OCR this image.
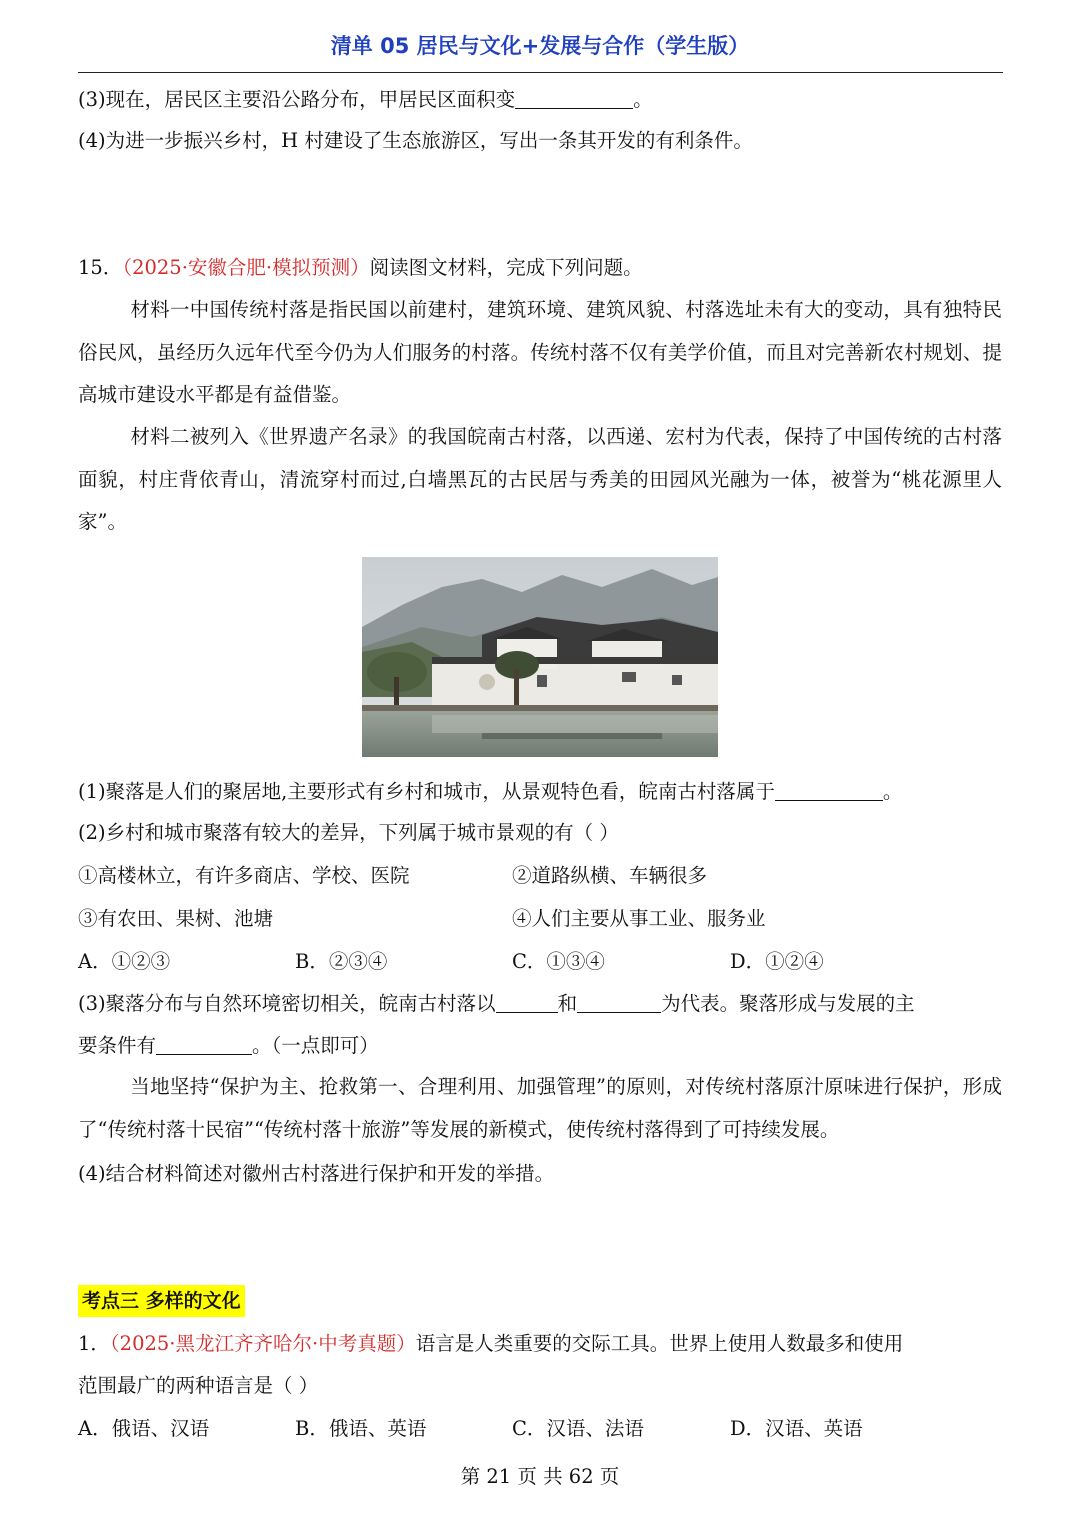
清单 05 居民与文化+发展与合作（学生版）
(3)现在，居民区主要沿公路分布，甲居民区面积变	。
(4)为进一步振兴乡村，H 村建设了生态旅游区，写出一条其开发的有利条件。
15．（2025·安徽合肥·模拟预测）阅读图文材料，完成下列问题。
材料一中国传统村落是指民国以前建村，建筑环境、建筑风貌、村落选址未有大的变动，具有独特民俗民风，虽经历久远年代至今仍为人们服务的村落。传统村落不仅有美学价值，而且对完善新农村规划、提高城市建设水平都是有益借鉴。
材料二被列入《世界遗产名录》的我国皖南古村落，以西递、宏村为代表，保持了中国传统的古村落面貌，村庄背依青山，清流穿村而过,白墙黑瓦的古民居与秀美的田园风光融为一体，被誉为“桃花源里人家”。
(1)聚落是人们的聚居地,主要形式有乡村和城市，从景观特色看，皖南古村落属于	。
(2)乡村和城市聚落有较大的差异，下列属于城市景观的有（ ）
①高楼林立，有许多商店、学校、医院	②道路纵横、车辆很多
③有农田、果树、池塘	④人们主要从事工业、服务业
A．①②③	B．②③④	C．①③④	D．①②④
(3)聚落分布与自然环境密切相关，皖南古村落以	和	为代表。聚落形成与发展的主
要条件有	。（一点即可）
当地坚持“保护为主、抢救第一、合理利用、加强管理”的原则，对传统村落原汁原味进行保护，形成了“传统村落十民宿”“传统村落十旅游”等发展的新模式，使传统村落得到了可持续发展。
(4)结合材料简述对徽州古村落进行保护和开发的举措。
考点三 多样的文化
1．（2025·黑龙江齐齐哈尔·中考真题）语言是人类重要的交际工具。世界上使用人数最多和使用
范围最广的两种语言是（ ）
A．俄语、汉语	B．俄语、英语	C．汉语、法语	D．汉语、英语
第 21 页 共 62 页
